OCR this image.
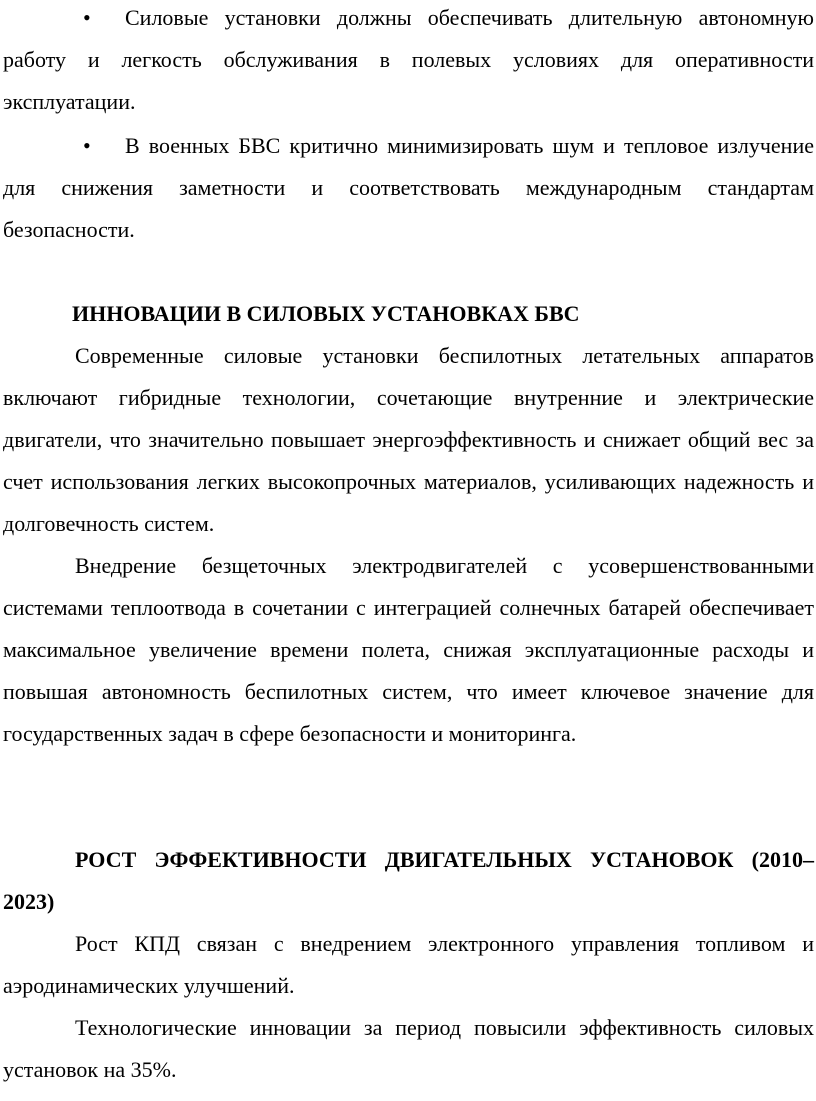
• Силовые установки должны обеспечивать длительную автономную работу и легкость обслуживания в полевых условиях для оперативности эксплуатации.

• В военных БВС критично минимизировать шум и тепловое излучение для снижения заметности и соответствовать международным стандартам безопасности.

ИННОВАЦИИ В СИЛОВЫХ УСТАНОВКАХ БВС

Современные силовые установки беспилотных летательных аппаратов включают гибридные технологии, сочетающие внутренние и электрические двигатели, что значительно повышает энергоэффективность и снижает общий вес за счет использования легких высокопрочных материалов, усиливающих надежность и долговечность систем.

Внедрение безщеточных электродвигателей с усовершенствованными системами теплоотвода в сочетании с интеграцией солнечных батарей обеспечивает максимальное увеличение времени полета, снижая эксплуатационные расходы и повышая автономность беспилотных систем, что имеет ключевое значение для государственных задач в сфере безопасности и мониторинга.

РОСТ ЭФФЕКТИВНОСТИ ДВИГАТЕЛЬНЫХ УСТАНОВОК (2010–2023)

Рост КПД связан с внедрением электронного управления топливом и аэродинамических улучшений.

Технологические инновации за период повысили эффективность силовых установок на 35%.
